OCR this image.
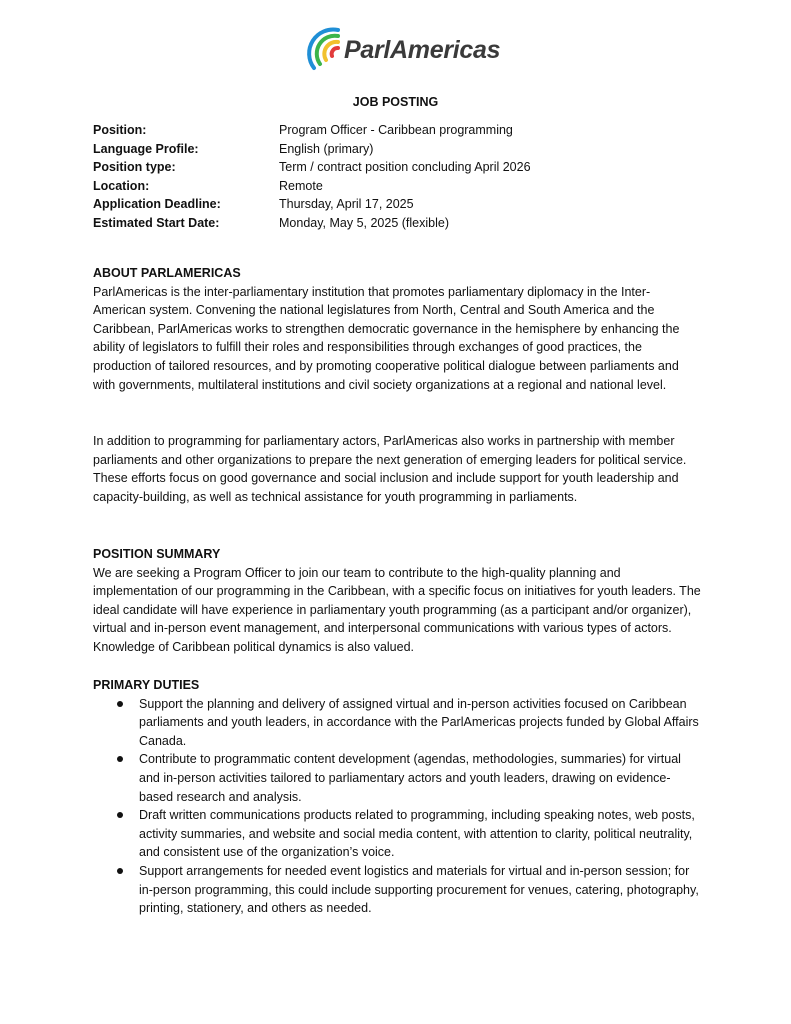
ParlAmericas
JOB POSTING
Position:	Program Officer - Caribbean programming
Language Profile:	English (primary)
Position type:	Term / contract position concluding April 2026
Location:	Remote
Application Deadline:	Thursday, April 17, 2025
Estimated Start Date:	Monday, May 5, 2025 (flexible)
ABOUT PARLAMERICAS

ParlAmericas is the inter-parliamentary institution that promotes parliamentary diplomacy in the Inter-American system. Convening the national legislatures from North, Central and South America and the Caribbean, ParlAmericas works to strengthen democratic governance in the hemisphere by enhancing the ability of legislators to fulfill their roles and responsibilities through exchanges of good practices, the production of tailored resources, and by promoting cooperative political dialogue between parliaments and with governments, multilateral institutions and civil society organizations at a regional and national level.

In addition to programming for parliamentary actors, ParlAmericas also works in partnership with member parliaments and other organizations to prepare the next generation of emerging leaders for political service. These efforts focus on good governance and social inclusion and include support for youth leadership and capacity-building, as well as technical assistance for youth programming in parliaments.

POSITION SUMMARY

We are seeking a Program Officer to join our team to contribute to the high-quality planning and implementation of our programming in the Caribbean, with a specific focus on initiatives for youth leaders. The ideal candidate will have experience in parliamentary youth programming (as a participant and/or organizer), virtual and in-person event management, and interpersonal communications with various types of actors. Knowledge of Caribbean political dynamics is also valued.

PRIMARY DUTIES
Support the planning and delivery of assigned virtual and in-person activities focused on Caribbean parliaments and youth leaders, in accordance with the ParlAmericas projects funded by Global Affairs Canada.
Contribute to programmatic content development (agendas, methodologies, summaries) for virtual and in-person activities tailored to parliamentary actors and youth leaders, drawing on evidence-based research and analysis.
Draft written communications products related to programming, including speaking notes, web posts, activity summaries, and website and social media content, with attention to clarity, political neutrality, and consistent use of the organization’s voice.
Support arrangements for needed event logistics and materials for virtual and in-person session; for in-person programming, this could include supporting procurement for venues, catering, photography, printing, stationery, and others as needed.
